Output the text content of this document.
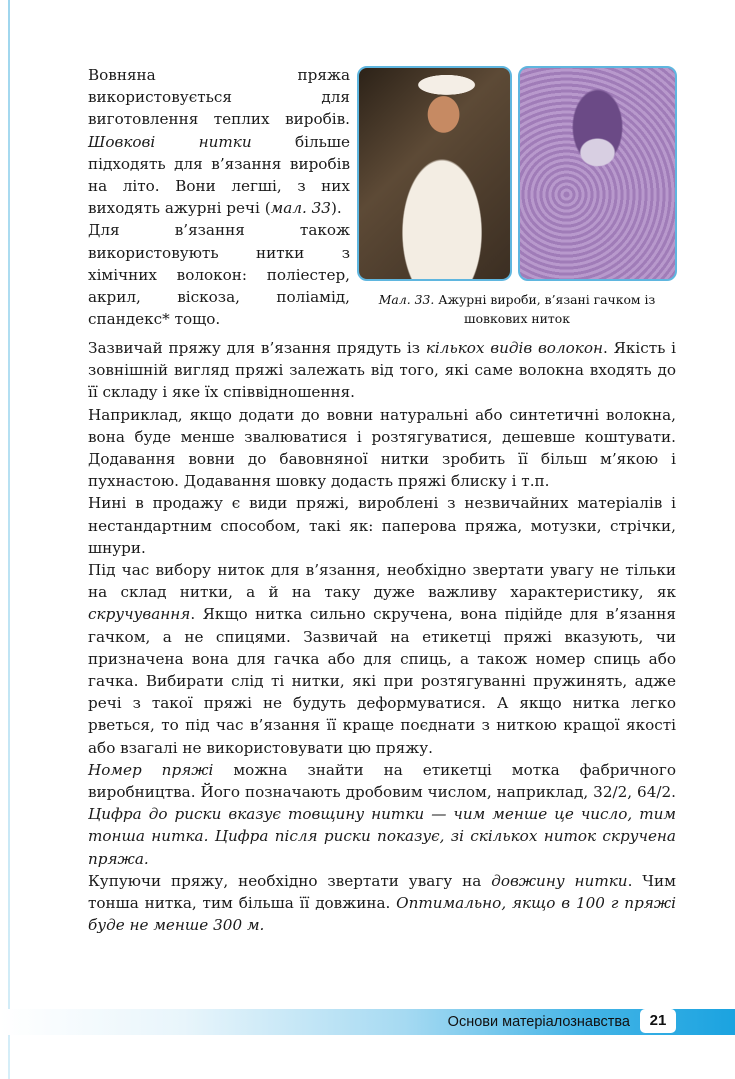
Вовняна пряжа використовується для виготовлення теплих виробів. Шовкові нитки більше підходять для в’язання виробів на літо. Вони легші, з них виходять ажурні речі (мал. 33).

Для в’язання також використовують нитки з хімічних волокон: поліестер, акрил, віскоза, поліамід, спандекс* тощо.

Мал. 33. Ажурні вироби, в’язані гачком із шовкових ниток

Зазвичай пряжу для в’язання прядуть із кількох видів волокон. Якість і зовнішній вигляд пряжі залежать від того, які саме волокна входять до її складу і яке їх співвідношення.

Наприклад, якщо додати до вовни натуральні або синтетичні волокна, вона буде менше звалюватися і розтягуватися, дешевше коштувати. Додавання вовни до бавовняної нитки зробить її більш м’якою і пухнастою. Додавання шовку додасть пряжі блиску і т.п.

Нині в продажу є види пряжі, вироблені з незвичайних матеріалів і нестандартним способом, такі як: паперова пряжа, мотузки, стрічки, шнури.

Під час вибору ниток для в’язання, необхідно звертати увагу не тільки на склад нитки, а й на таку дуже важливу характеристику, як скручування. Якщо нитка сильно скручена, вона підійде для в’язання гачком, а не спицями. Зазвичай на етикетці пряжі вказують, чи призначена вона для гачка або для спиць, а також номер спиць або гачка. Вибирати слід ті нитки, які при розтягуванні пружинять, адже речі з такої пряжі не будуть деформуватися. А якщо нитка легко рветься, то під час в’язання її краще поєднати з ниткою кращої якості або взагалі не використовувати цю пряжу.

Номер пряжі можна знайти на етикетці мотка фабричного виробництва. Його позначають дробовим числом, наприклад, 32/2, 64/2. Цифра до риски вказує товщину нитки — чим менше це число, тим тонша нитка. Цифра після риски показує, зі скількох ниток скручена пряжа.

Купуючи пряжу, необхідно звертати увагу на довжину нитки. Чим тонша нитка, тим більша її довжина. Оптимально, якщо в 100 г пряжі буде не менше 300 м.

Основи матеріалознавства	21
